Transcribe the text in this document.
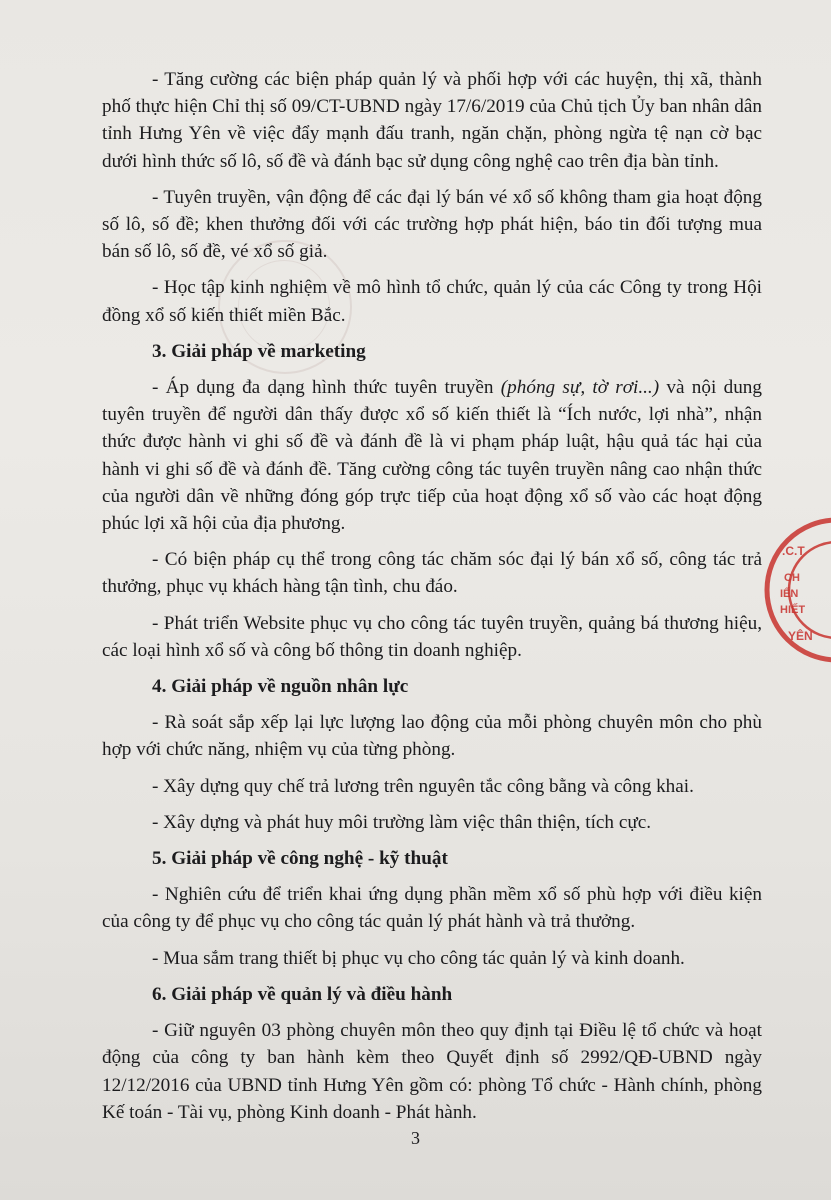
.C.T
CH
IẾN
HIẾT
YÊN

- Tăng cường các biện pháp quản lý và phối hợp với các huyện, thị xã, thành phố thực hiện Chỉ thị số 09/CT-UBND ngày 17/6/2019 của Chủ tịch Ủy ban nhân dân tỉnh Hưng Yên về việc đẩy mạnh đấu tranh, ngăn chặn, phòng ngừa tệ nạn cờ bạc dưới hình thức số lô, số đề và đánh bạc sử dụng công nghệ cao trên địa bàn tỉnh.

- Tuyên truyền, vận động để các đại lý bán vé xổ số không tham gia hoạt động số lô, số đề; khen thưởng đối với các trường hợp phát hiện, báo tin đối tượng mua bán số lô, số đề, vé xổ số giả.

- Học tập kinh nghiệm về mô hình tổ chức, quản lý của các Công ty trong Hội đồng xổ số kiến thiết miền Bắc.

3. Giải pháp về marketing

- Áp dụng đa dạng hình thức tuyên truyền (phóng sự, tờ rơi...) và nội dung tuyên truyền để người dân thấy được xổ số kiến thiết là “Ích nước, lợi nhà”, nhận thức được hành vi ghi số đề và đánh đề là vi phạm pháp luật, hậu quả tác hại của hành vi ghi số đề và đánh đề. Tăng cường công tác tuyên truyền nâng cao nhận thức của người dân về những đóng góp trực tiếp của hoạt động xổ số vào các hoạt động phúc lợi xã hội của địa phương.

- Có biện pháp cụ thể trong công tác chăm sóc đại lý bán xổ số, công tác trả thưởng, phục vụ khách hàng tận tình, chu đáo.

- Phát triển Website phục vụ cho công tác tuyên truyền, quảng bá thương hiệu, các loại hình xổ số và công bố thông tin doanh nghiệp.

4. Giải pháp về nguồn nhân lực

- Rà soát sắp xếp lại lực lượng lao động của mỗi phòng chuyên môn cho phù hợp với chức năng, nhiệm vụ của từng phòng.

- Xây dựng quy chế trả lương trên nguyên tắc công bằng và công khai.

- Xây dựng và phát huy môi trường làm việc thân thiện, tích cực.

5. Giải pháp về công nghệ - kỹ thuật

- Nghiên cứu để triển khai ứng dụng phần mềm xổ số phù hợp với điều kiện của công ty để phục vụ cho công tác quản lý phát hành và trả thưởng.

- Mua sắm trang thiết bị phục vụ cho công tác quản lý và kinh doanh.

6. Giải pháp về quản lý và điều hành

- Giữ nguyên 03 phòng chuyên môn theo quy định tại Điều lệ tổ chức và hoạt động của công ty ban hành kèm theo Quyết định số 2992/QĐ-UBND ngày 12/12/2016 của UBND tỉnh Hưng Yên gồm có: phòng Tổ chức - Hành chính, phòng Kế toán - Tài vụ, phòng Kinh doanh - Phát hành.

3
